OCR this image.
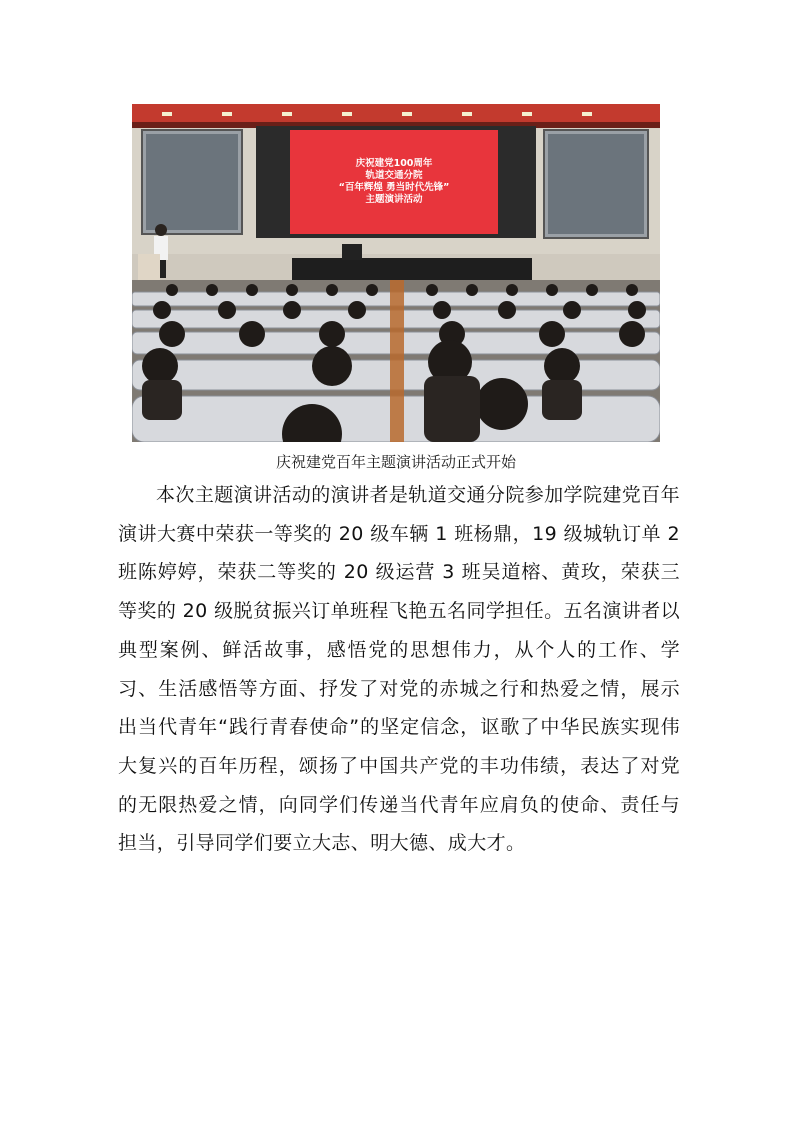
庆祝建党100周年
轨道交通分院
“百年辉煌 勇当时代先锋”
主题演讲活动
庆祝建党百年主题演讲活动正式开始

本次主题演讲活动的演讲者是轨道交通分院参加学院建党百年演讲大赛中荣获一等奖的 20 级车辆 1 班杨鼎，19 级城轨订单 2 班陈婷婷，荣获二等奖的 20 级运营 3 班吴道榕、黄玫，荣获三等奖的 20 级脱贫振兴订单班程飞艳五名同学担任。五名演讲者以典型案例、鲜活故事，感悟党的思想伟力，从个人的工作、学习、生活感悟等方面、抒发了对党的赤城之行和热爱之情，展示出当代青年“践行青春使命”的坚定信念，讴歌了中华民族实现伟大复兴的百年历程，颂扬了中国共产党的丰功伟绩，表达了对党的无限热爱之情，向同学们传递当代青年应肩负的使命、责任与担当，引导同学们要立大志、明大德、成大才。
